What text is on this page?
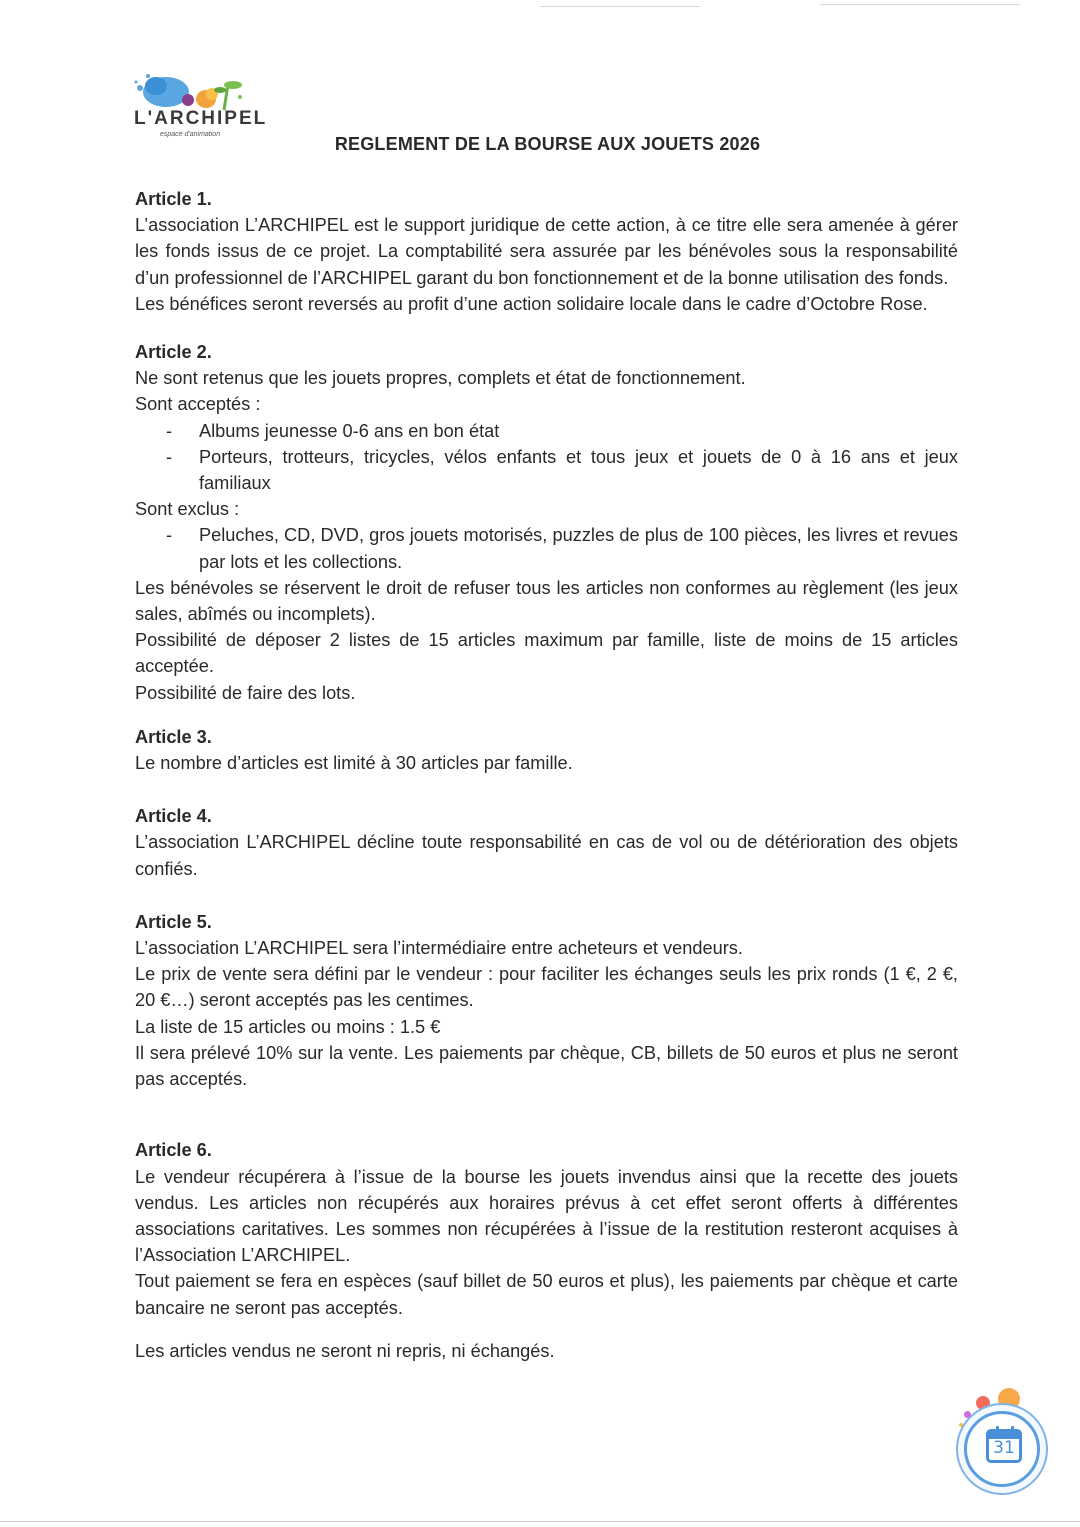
L'ARCHIPEL
espace d'animation	REGLEMENT DE LA BOURSE AUX JOUETS 2026
Article 1.

L’association L’ARCHIPEL est le support juridique de cette action, à ce titre elle sera amenée à gérer les fonds issus de ce projet. La comptabilité sera assurée par les bénévoles sous la responsabilité d’un professionnel de l’ARCHIPEL garant du bon fonctionnement et de la bonne utilisation des fonds.

Les bénéfices seront reversés au profit d’une action solidaire locale dans le cadre d’Octobre Rose.

Article 2.

Ne sont retenus que les jouets propres, complets et état de fonctionnement.

Sont acceptés :

- Albums jeunesse 0-6 ans en bon état
- Porteurs, trotteurs, tricycles, vélos enfants et tous jeux et jouets de 0 à 16 ans et jeux familiaux

Sont exclus :

- Peluches, CD, DVD, gros jouets motorisés, puzzles de plus de 100 pièces, les livres et revues par lots et les collections.

Les bénévoles se réservent le droit de refuser tous les articles non conformes au règlement (les jeux sales, abîmés ou incomplets).

Possibilité de déposer 2 listes de 15 articles maximum par famille, liste de moins de 15 articles acceptée.

Possibilité de faire des lots.

Article 3.

Le nombre d’articles est limité à 30 articles par famille.

Article 4.

L’association L’ARCHIPEL décline toute responsabilité en cas de vol ou de détérioration des objets confiés.

Article 5.

L’association L’ARCHIPEL sera l’intermédiaire entre acheteurs et vendeurs.

Le prix de vente sera défini par le vendeur : pour faciliter les échanges seuls les prix ronds (1 €, 2 €, 20 €…) seront acceptés pas les centimes.

La liste de 15 articles ou moins : 1.5 €

Il sera prélevé 10% sur la vente. Les paiements par chèque, CB, billets de 50 euros et plus ne seront pas acceptés.

Article 6.

Le vendeur récupérera à l’issue de la bourse les jouets invendus ainsi que la recette des jouets vendus. Les articles non récupérés aux horaires prévus à cet effet seront offerts à différentes associations caritatives. Les sommes non récupérées à l’issue de la restitution resteront acquises à l’Association L’ARCHIPEL.

Tout paiement se fera en espèces (sauf billet de 50 euros et plus), les paiements par chèque et carte bancaire ne seront pas acceptés.

Les articles vendus ne seront ni repris, ni échangés.

31
